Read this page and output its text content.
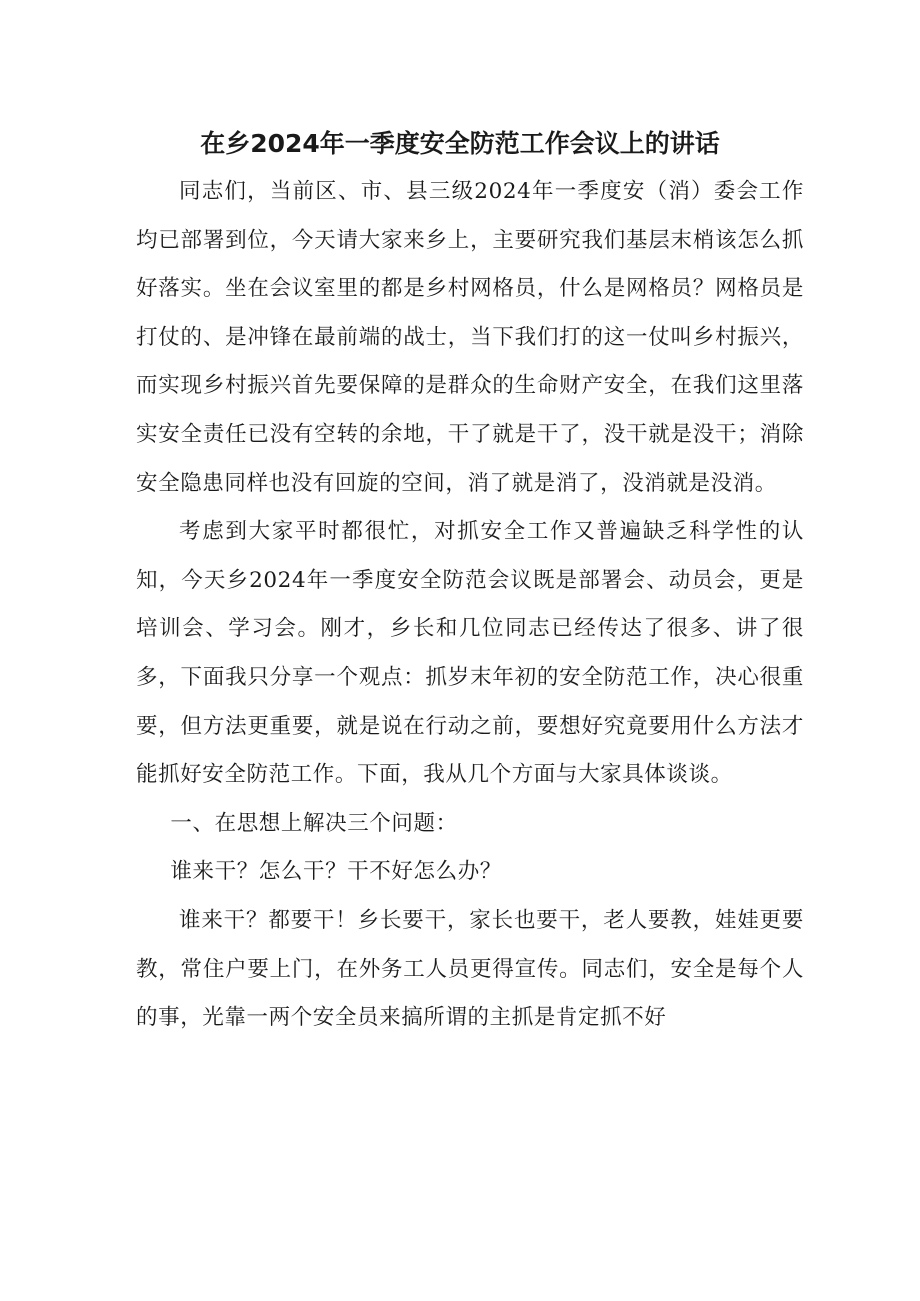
在乡2024年一季度安全防范工作会议上的讲话

同志们，当前区、市、县三级2024年一季度安（消）委会工作均已部署到位，今天请大家来乡上，主要研究我们基层末梢该怎么抓好落实。坐在会议室里的都是乡村网格员，什么是网格员？网格员是打仗的、是冲锋在最前端的战士，当下我们打的这一仗叫乡村振兴，而实现乡村振兴首先要保障的是群众的生命财产安全，在我们这里落实安全责任已没有空转的余地，干了就是干了，没干就是没干；消除安全隐患同样也没有回旋的空间，消了就是消了，没消就是没消。

考虑到大家平时都很忙，对抓安全工作又普遍缺乏科学性的认知，今天乡2024年一季度安全防范会议既是部署会、动员会，更是培训会、学习会。刚才，乡长和几位同志已经传达了很多、讲了很多，下面我只分享一个观点：抓岁末年初的安全防范工作，决心很重要，但方法更重要，就是说在行动之前，要想好究竟要用什么方法才能抓好安全防范工作。下面，我从几个方面与大家具体谈谈。

一、在思想上解决三个问题：

谁来干？怎么干？干不好怎么办？

谁来干？都要干！乡长要干，家长也要干，老人要教，娃娃更要教，常住户要上门，在外务工人员更得宣传。同志们，安全是每个人的事，光靠一两个安全员来搞所谓的主抓是肯定抓不好
